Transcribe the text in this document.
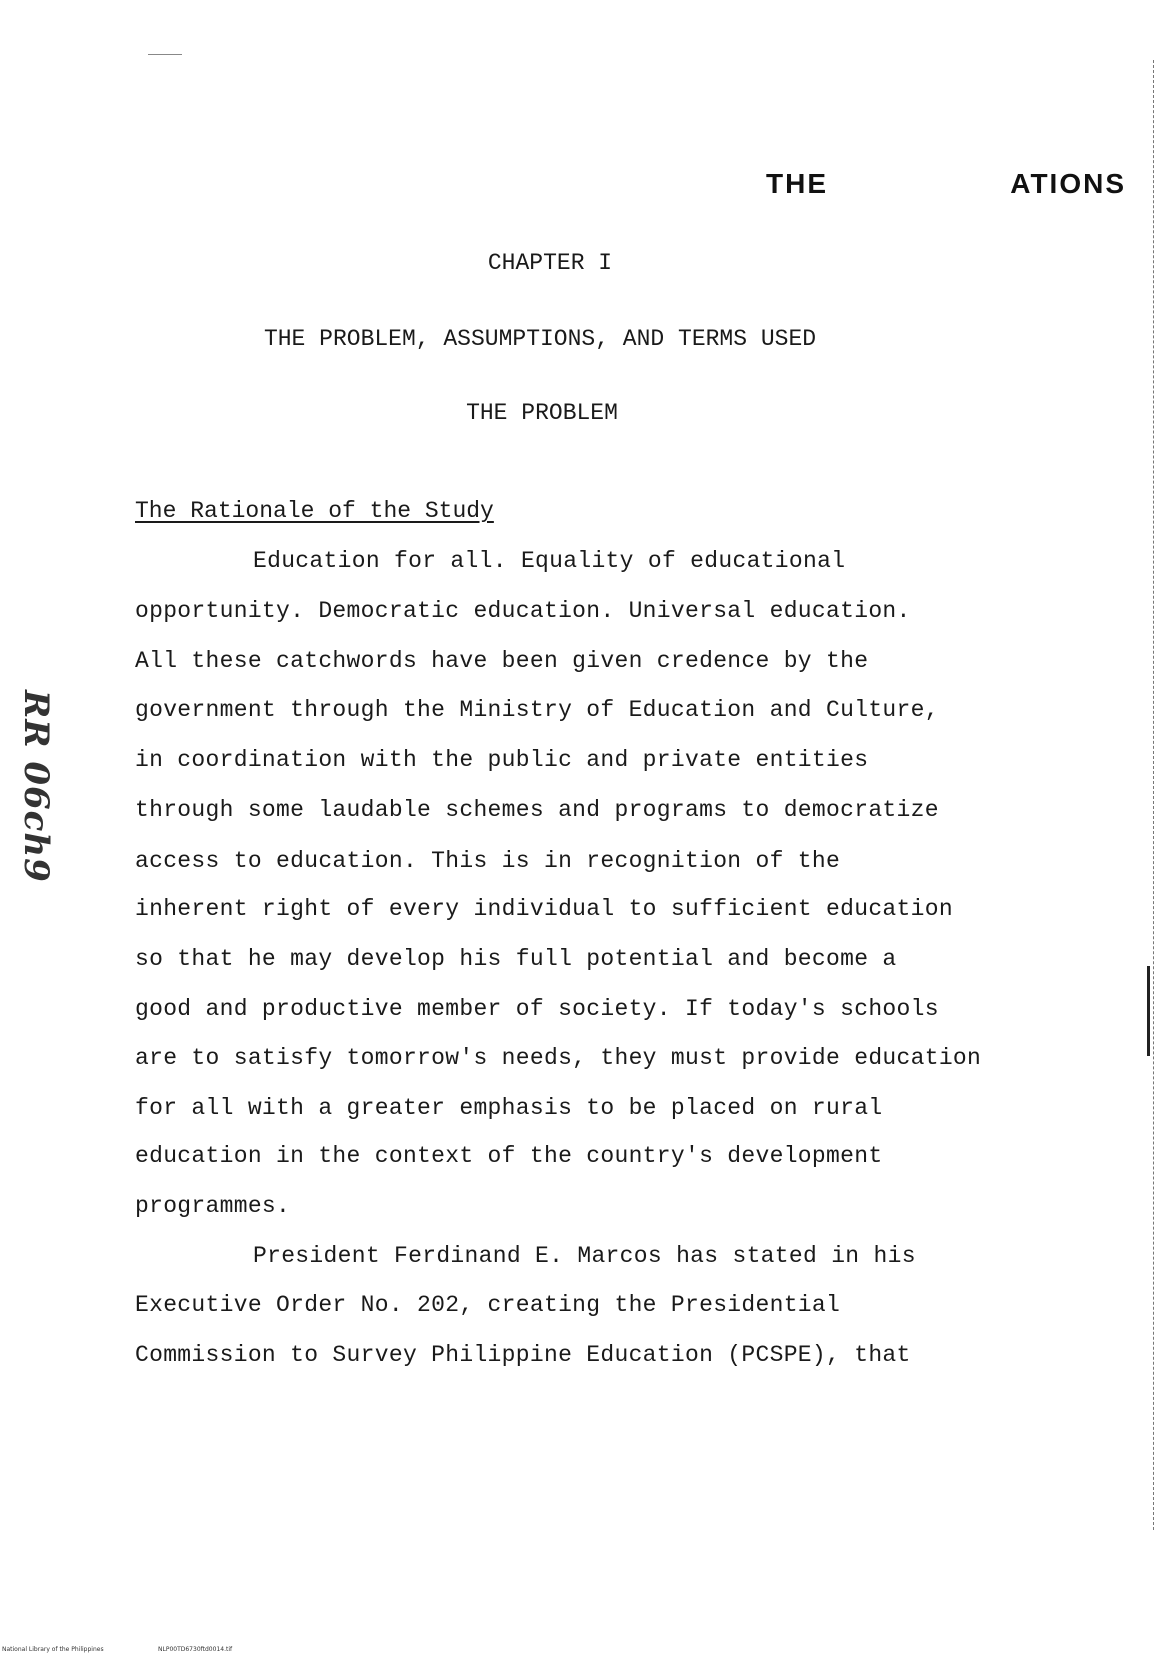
THE	ATIONS
CHAPTER I
THE PROBLEM, ASSUMPTIONS, AND TERMS USED
THE PROBLEM
The Rationale of the Study
RR 06ch9
Education for all. Equality of educational
opportunity. Democratic education. Universal education.
All these catchwords have been given credence by the
government through the Ministry of Education and Culture,
in coordination with the public and private entities
through some laudable schemes and programs to democratize
access to education. This is in recognition of the
inherent right of every individual to sufficient education
so that he may develop his full potential and become a
good and productive member of society. If today's schools
are to satisfy tomorrow's needs, they must provide education
for all with a greater emphasis to be placed on rural
education in the context of the country's development
programmes.
President Ferdinand E. Marcos has stated in his
Executive Order No. 202, creating the Presidential
Commission to Survey Philippine Education (PCSPE), that
National Library of the Philippines	NLP00TD6730ftd0014.tif
